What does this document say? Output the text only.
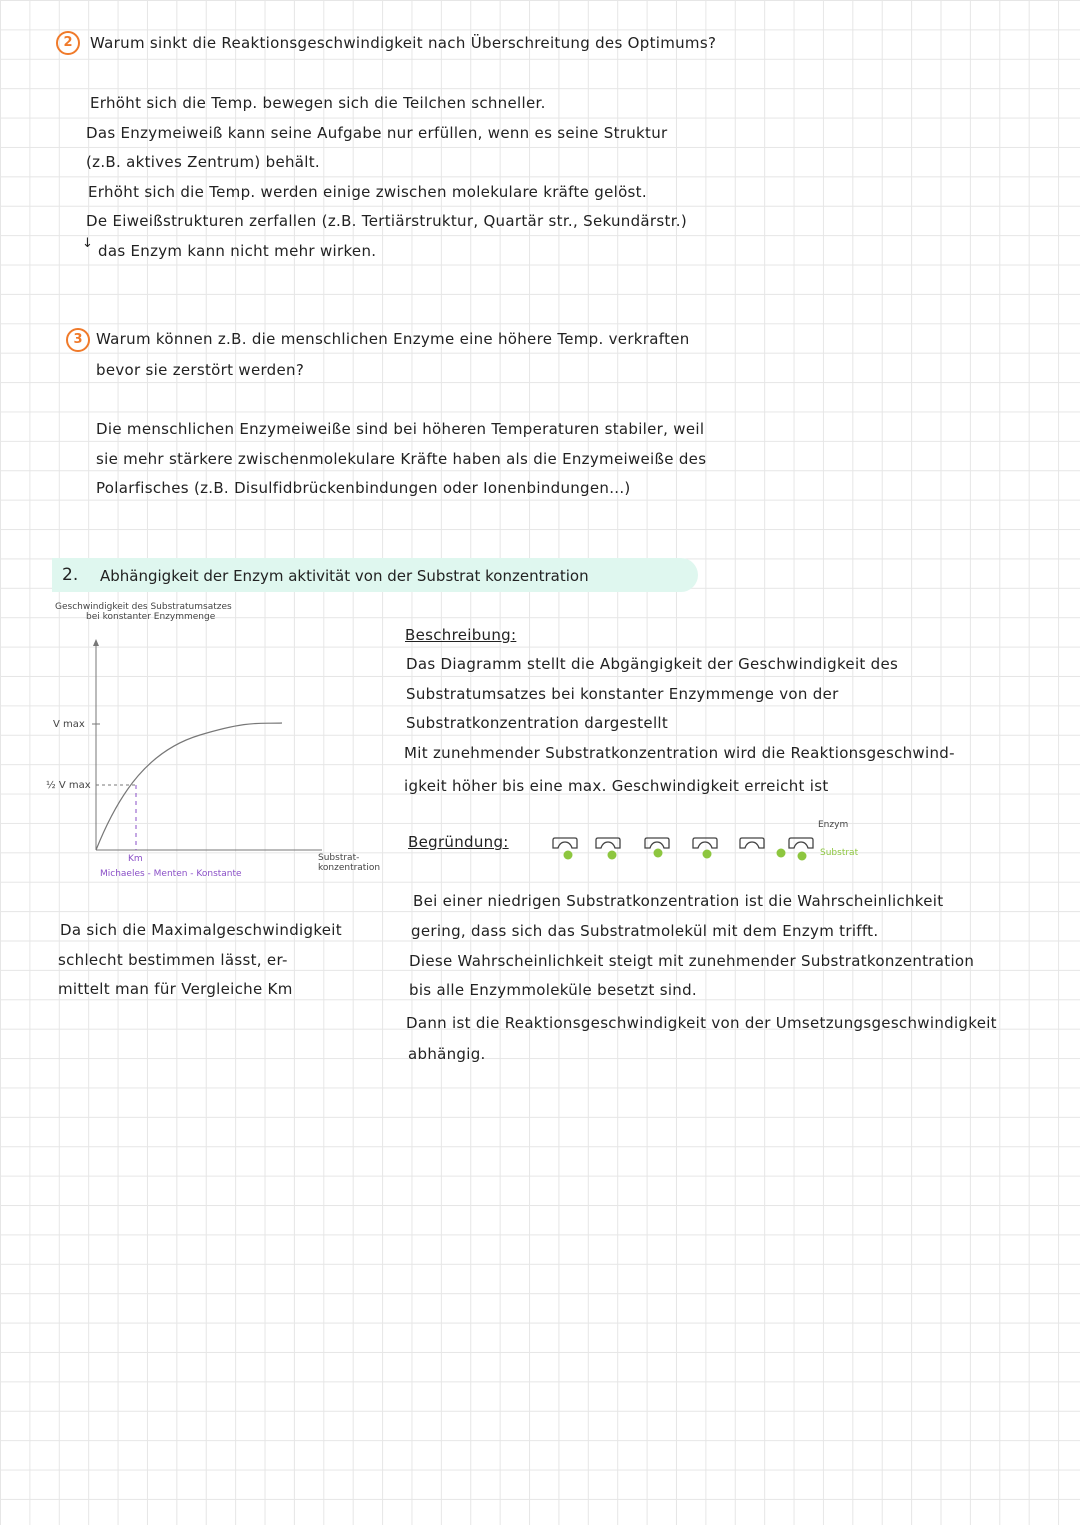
2	Warum sinkt die Reaktionsgeschwindigkeit nach Überschreitung des Optimums?
Erhöht sich die Temp. bewegen sich die Teilchen schneller.
Das Enzymeiweiß kann seine Aufgabe nur erfüllen, wenn es seine Struktur
(z.B. aktives Zentrum) behält.
Erhöht sich die Temp. werden einige zwischen molekulare kräfte gelöst.
De Eiweißstrukturen zerfallen (z.B. Tertiärstruktur, Quartär str., Sekundärstr.)
↓ das Enzym kann nicht mehr wirken.
3 Warum können z.B. die menschlichen Enzyme eine höhere Temp. verkraften
bevor sie zerstört werden?
Die menschlichen Enzymeiweiße sind bei höheren Temperaturen stabiler, weil
sie mehr stärkere zwischenmolekulare Kräfte haben als die Enzymeiweiße des
Polarfisches (z.B. Disulfidbrückenbindungen oder Ionenbindungen...)
2. Abhängigkeit der Enzym aktivität von der Substrat konzentration
Geschwindigkeit des Substratumsatzes
bei konstanter Enzymmenge
V max
½ V max
Km
Michaeles - Menten - Konstante
Substrat-
konzentration
Da sich die Maximalgeschwindigkeit
schlecht bestimmen lässt, er-
mittelt man für Vergleiche Km
Beschreibung:
Das Diagramm stellt die Abgängigkeit der Geschwindigkeit des
Substratumsatzes bei konstanter Enzymmenge von der
Substratkonzentration dargestellt
Mit zunehmender Substratkonzentration wird die Reaktionsgeschwind-
igkeit höher bis eine max. Geschwindigkeit erreicht ist
Begründung:
Enzym
Substrat
Bei einer niedrigen Substratkonzentration ist die Wahrscheinlichkeit
gering, dass sich das Substratmolekül mit dem Enzym trifft.
Diese Wahrscheinlichkeit steigt mit zunehmender Substratkonzentration
bis alle Enzymmoleküle besetzt sind.
Dann ist die Reaktionsgeschwindigkeit von der Umsetzungsgeschwindigkeit
abhängig.
